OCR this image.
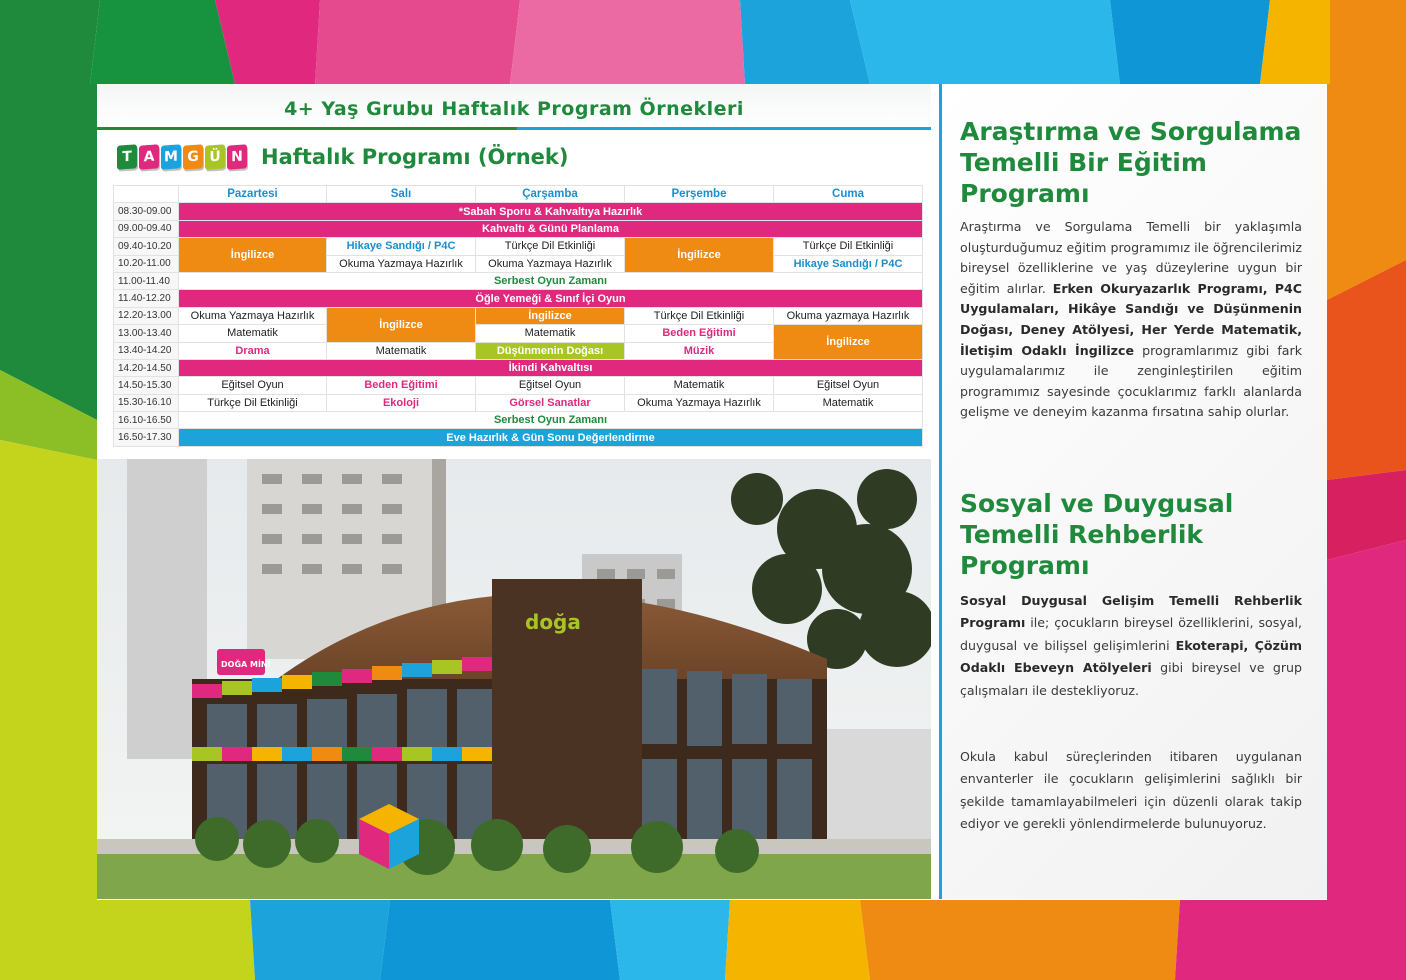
4+ Yaş Grubu Haftalık Program Örnekleri
T A M G Ü N Haftalık Programı (Örnek)
	Pazartesi	Salı	Çarşamba	Perşembe	Cuma
08.30-09.00	*Sabah Sporu & Kahvaltıya Hazırlık				
09.00-09.40	Kahvaltı & Günü Planlama				
09.40-10.20	İngilizce	Hikaye Sandığı / P4C	Türkçe Dil Etkinliği	İngilizce	Türkçe Dil Etkinliği
10.20-11.00		Okuma Yazmaya Hazırlık	Okuma Yazmaya Hazırlık		Hikaye Sandığı / P4C
11.00-11.40	Serbest Oyun Zamanı				
11.40-12.20	Öğle Yemeği & Sınıf İçi Oyun				
12.20-13.00	Okuma Yazmaya Hazırlık	İngilizce	İngilizce	Türkçe Dil Etkinliği	Okuma yazmaya Hazırlık
13.00-13.40	Matematik		Matematik	Beden Eğitimi	İngilizce
13.40-14.20	Drama	Matematik	Düşünmenin Doğası	Müzik	
14.20-14.50	İkindi Kahvaltısı				
14.50-15.30	Eğitsel Oyun	Beden Eğitimi	Eğitsel Oyun	Matematik	Eğitsel Oyun
15.30-16.10	Türkçe Dil Etkinliği	Ekoloji	Görsel Sanatlar	Okuma Yazmaya Hazırlık	Matematik
16.10-16.50	Serbest Oyun Zamanı				
16.50-17.30	Eve Hazırlık & Gün Sonu Değerlendirme				
doğa
DOĞA MİNİ
Araştırma ve Sorgulama
Temelli Bir Eğitim
Programı
Araştırma ve Sorgulama Temelli bir yaklaşımla oluşturduğumuz eğitim programımız ile öğrencilerimiz bireysel özelliklerine ve yaş düzeylerine uygun bir eğitim alırlar. Erken Okuryazarlık Programı, P4C Uygulamaları, Hikâye Sandığı ve Düşünmenin Doğası, Deney Atölyesi, Her Yerde Matematik, İletişim Odaklı İngilizce programlarımız gibi fark uygulamalarımız ile zenginleştirilen eğitim programımız sayesinde çocuklarımız farklı alanlarda gelişme ve deneyim kazanma fırsatına sahip olurlar.
Sosyal ve Duygusal
Temelli Rehberlik
Programı
Sosyal Duygusal Gelişim Temelli Rehberlik Programı ile; çocukların bireysel özelliklerini, sosyal, duygusal ve bilişsel gelişimlerini Ekoterapi, Çözüm Odaklı Ebeveyn Atölyeleri gibi bireysel ve grup çalışmaları ile destekliyoruz.
Okula kabul süreçlerinden itibaren uygulanan envanterler ile çocukların gelişimlerini sağlıklı bir şekilde tamamlayabilmeleri için düzenli olarak takip ediyor ve gerekli yönlendirmelerde bulunuyoruz.
